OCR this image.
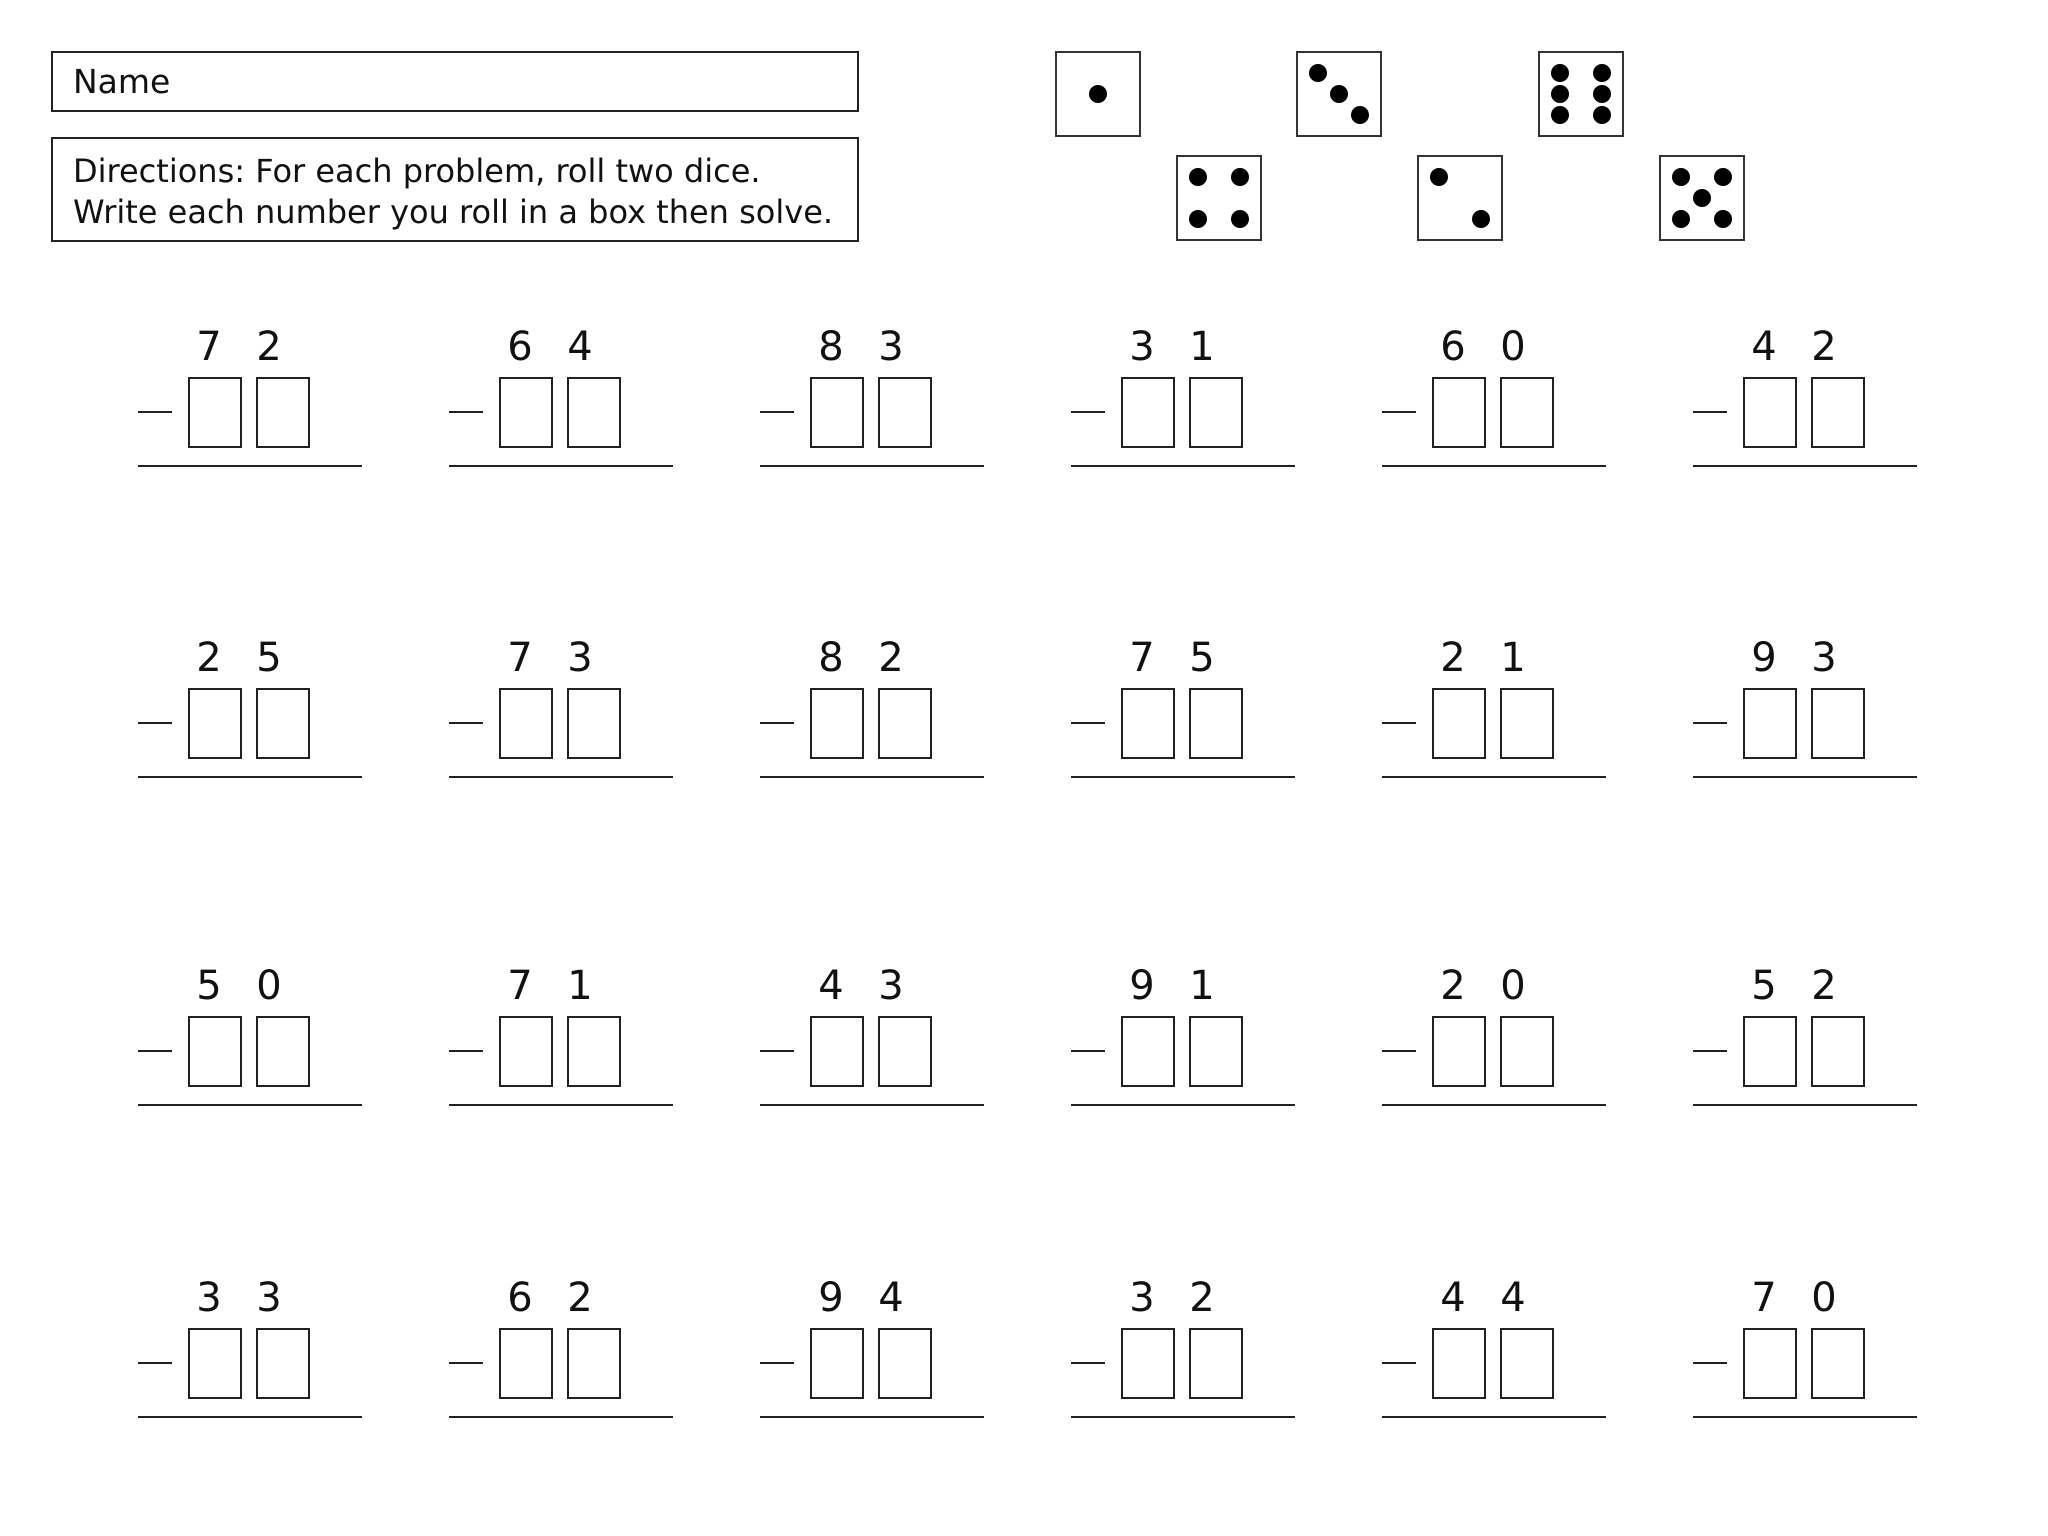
Name
Directions: For each problem, roll two dice.
Write each number you roll in a box then solve.
7 2	6 4	8 3	3 1	6 0	4 2
2 5	7 3	8 2	7 5	2 1	9 3
5 0	7 1	4 3	9 1	2 0	5 2
3 3	6 2	9 4	3 2	4 4	7 0
